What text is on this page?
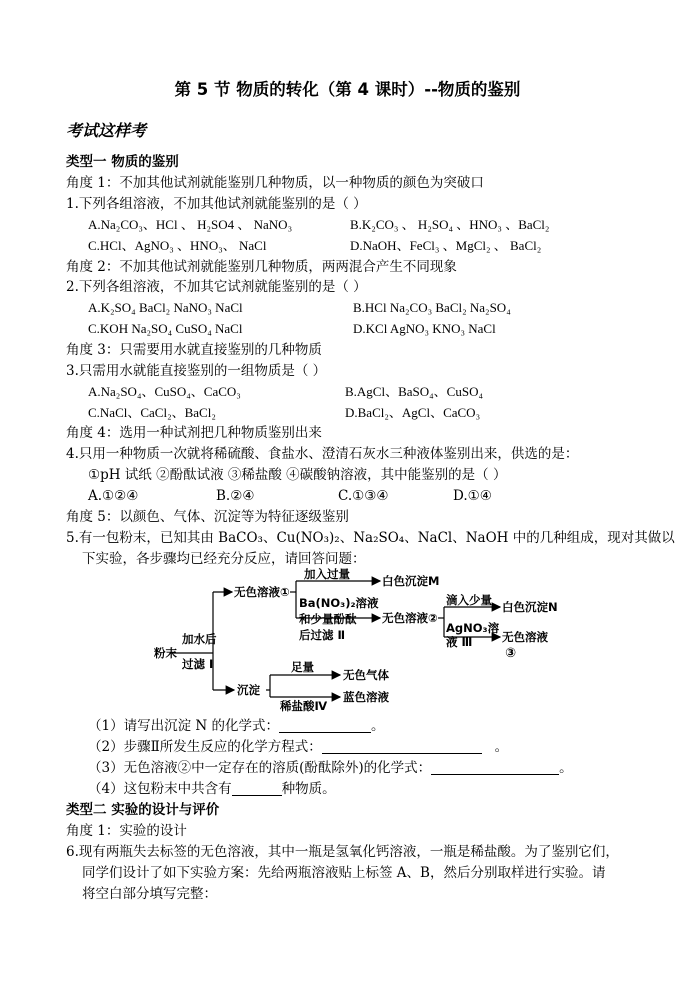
第 5 节 物质的转化（第 4 课时）--物质的鉴别
考试这样考
类型一 物质的鉴别
角度 1：不加其他试剂就能鉴别几种物质，以一种物质的颜色为突破口
1.下列各组溶液，不加其他试剂就能鉴别的是（ ）
A.Na₂CO₃、HCl 、 H₂SO4 、 NaNO₃	B.K₂CO₃ 、 H₂SO₄ 、HNO₃ 、BaCl₂
C.HCl、AgNO₃ 、HNO₃、 NaCl	D.NaOH、FeCl₃ 、MgCl₂ 、 BaCl₂
角度 2：不加其他试剂就能鉴别几种物质，两两混合产生不同现象
2.下列各组溶液，不加其它试剂就能鉴别的是（ ）
A.K₂SO₄ BaCl₂ NaNO₃ NaCl	B.HCl Na₂CO₃ BaCl₂ Na₂SO₄
C.KOH Na₂SO₄ CuSO₄ NaCl	D.KCl AgNO₃ KNO₃ NaCl
角度 3：只需要用水就直接鉴别的几种物质
3.只需用水就能直接鉴别的一组物质是（ ）
A.Na₂SO₄、CuSO₄、CaCO₃	B.AgCl、BaSO₄、CuSO₄
C.NaCl、CaCl₂、BaCl₂	D.BaCl₂、AgCl、CaCO₃
角度 4：选用一种试剂把几种物质鉴别出来
4.只用一种物质一次就将稀硫酸、食盐水、澄清石灰水三种液体鉴别出来，供选的是：
①pH 试纸 ②酚酞试液 ③稀盐酸 ④碳酸钠溶液，其中能鉴别的是（ ）
A.①②④	B.②④	C.①③④	D.①④
角度 5：以颜色、气体、沉淀等为特征逐级鉴别
5.有一包粉末，已知其由 BaCO₃、Cu(NO₃)₂、Na₂SO₄、NaCl、NaOH 中的几种组成，现对其做以
下实验，各步骤均已经充分反应，请回答问题：
粉末
加水后
过滤 Ⅰ
无色溶液①
加入过量
Ba(NO₃)₂溶液
和少量酚酞
后过滤 Ⅱ
白色沉淀M
无色溶液②
滴入少量
AgNO₃溶
液 Ⅲ
白色沉淀N
无色溶液
③
沉淀
足量
稀盐酸Ⅳ
无色气体
蓝色溶液
（1）请写出沉淀 N 的化学式：	。
（2）步骤Ⅱ所发生反应的化学方程式：	。
（3）无色溶液②中一定存在的溶质(酚酞除外)的化学式：	。
（4）这包粉末中共含有	种物质。
类型二 实验的设计与评价
角度 1：实验的设计
6.现有两瓶失去标签的无色溶液，其中一瓶是氢氧化钙溶液，一瓶是稀盐酸。为了鉴别它们，
同学们设计了如下实验方案：先给两瓶溶液贴上标签 A、B，然后分别取样进行实验。请
将空白部分填写完整：
